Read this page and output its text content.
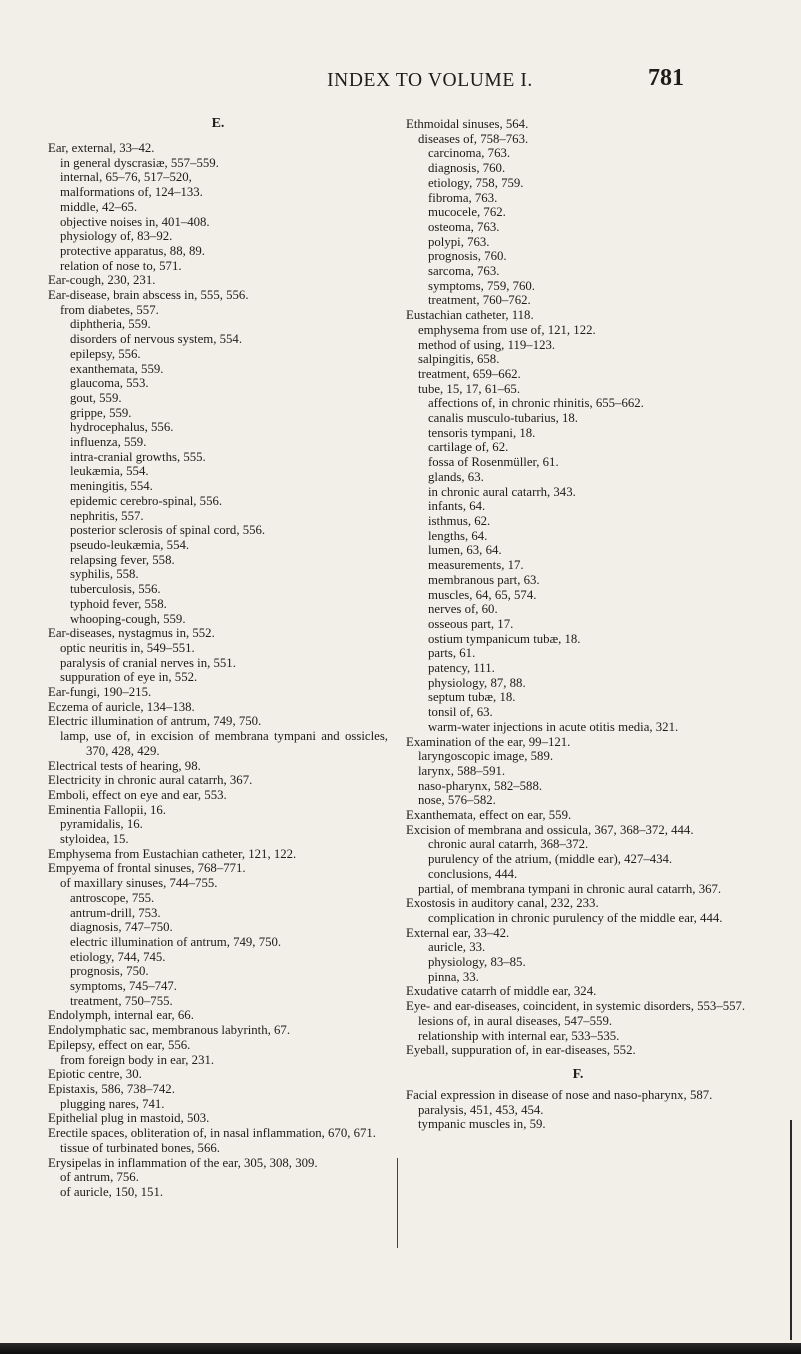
INDEX TO VOLUME I.	781
E.
Ear, external, 33–42.
in general dyscrasiæ, 557–559.
internal, 65–76, 517–520,
malformations of, 124–133.
middle, 42–65.
objective noises in, 401–408.
physiology of, 83–92.
protective apparatus, 88, 89.
relation of nose to, 571.
Ear-cough, 230, 231.
Ear-disease, brain abscess in, 555, 556.
from diabetes, 557.
diphtheria, 559.
disorders of nervous system, 554.
epilepsy, 556.
exanthemata, 559.
glaucoma, 553.
gout, 559.
grippe, 559.
hydrocephalus, 556.
influenza, 559.
intra-cranial growths, 555.
leukæmia, 554.
meningitis, 554.
epidemic cerebro-spinal, 556.
nephritis, 557.
posterior sclerosis of spinal cord, 556.
pseudo-leukæmia, 554.
relapsing fever, 558.
syphilis, 558.
tuberculosis, 556.
typhoid fever, 558.
whooping-cough, 559.
Ear-diseases, nystagmus in, 552.
optic neuritis in, 549–551.
paralysis of cranial nerves in, 551.
suppuration of eye in, 552.
Ear-fungi, 190–215.
Eczema of auricle, 134–138.
Electric illumination of antrum, 749, 750.
lamp, use of, in excision of membrana tympani and ossicles, 370, 428, 429.
Electrical tests of hearing, 98.
Electricity in chronic aural catarrh, 367.
Emboli, effect on eye and ear, 553.
Eminentia Fallopii, 16.
pyramidalis, 16.
styloidea, 15.
Emphysema from Eustachian catheter, 121, 122.
Empyema of frontal sinuses, 768–771.
of maxillary sinuses, 744–755.
antroscope, 755.
antrum-drill, 753.
diagnosis, 747–750.
electric illumination of antrum, 749, 750.
etiology, 744, 745.
prognosis, 750.
symptoms, 745–747.
treatment, 750–755.
Endolymph, internal ear, 66.
Endolymphatic sac, membranous labyrinth, 67.
Epilepsy, effect on ear, 556.
from foreign body in ear, 231.
Epiotic centre, 30.
Epistaxis, 586, 738–742.
plugging nares, 741.
Epithelial plug in mastoid, 503.
Erectile spaces, obliteration of, in nasal inflammation, 670, 671.
tissue of turbinated bones, 566.
Erysipelas in inflammation of the ear, 305, 308, 309.
of antrum, 756.
of auricle, 150, 151.
Ethmoidal sinuses, 564.
diseases of, 758–763.
carcinoma, 763.
diagnosis, 760.
etiology, 758, 759.
fibroma, 763.
mucocele, 762.
osteoma, 763.
polypi, 763.
prognosis, 760.
sarcoma, 763.
symptoms, 759, 760.
treatment, 760–762.
Eustachian catheter, 118.
emphysema from use of, 121, 122.
method of using, 119–123.
salpingitis, 658.
treatment, 659–662.
tube, 15, 17, 61–65.
affections of, in chronic rhinitis, 655–662.
canalis musculo-tubarius, 18.
tensoris tympani, 18.
cartilage of, 62.
fossa of Rosenmüller, 61.
glands, 63.
in chronic aural catarrh, 343.
infants, 64.
isthmus, 62.
lengths, 64.
lumen, 63, 64.
measurements, 17.
membranous part, 63.
muscles, 64, 65, 574.
nerves of, 60.
osseous part, 17.
ostium tympanicum tubæ, 18.
parts, 61.
patency, 111.
physiology, 87, 88.
septum tubæ, 18.
tonsil of, 63.
warm-water injections in acute otitis media, 321.
Examination of the ear, 99–121.
laryngoscopic image, 589.
larynx, 588–591.
naso-pharynx, 582–588.
nose, 576–582.
Exanthemata, effect on ear, 559.
Excision of membrana and ossicula, 367, 368–372, 444.
chronic aural catarrh, 368–372.
purulency of the atrium, (middle ear), 427–434.
conclusions, 444.
partial, of membrana tympani in chronic aural catarrh, 367.
Exostosis in auditory canal, 232, 233.
complication in chronic purulency of the middle ear, 444.
External ear, 33–42.
auricle, 33.
physiology, 83–85.
pinna, 33.
Exudative catarrh of middle ear, 324.
Eye- and ear-diseases, coincident, in systemic disorders, 553–557.
lesions of, in aural diseases, 547–559.
relationship with internal ear, 533–535.
Eyeball, suppuration of, in ear-diseases, 552.
F.
Facial expression in disease of nose and naso-pharynx, 587.
paralysis, 451, 453, 454.
tympanic muscles in, 59.
